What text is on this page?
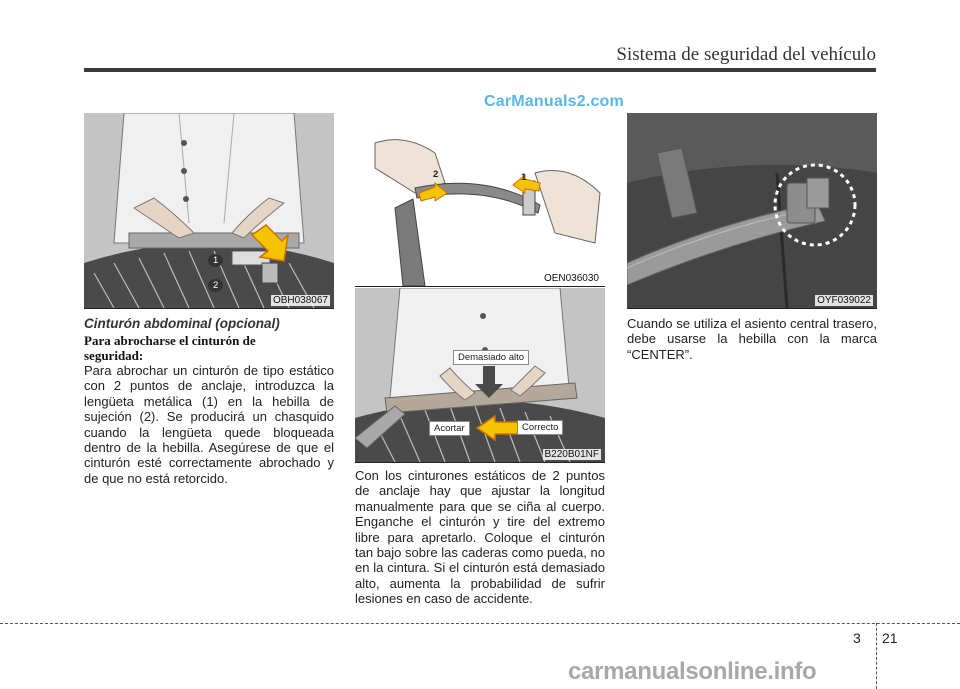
Sistema de seguridad del vehículo
CarManuals2.com
1
2
OBH038067
2	1
OEN036030
Demasiado alto
Acortar	Correcto
B220B01NF
OYF039022
Cinturón abdominal (opcional)
Para abrocharse el cinturón de seguridad:
Para abrochar un cinturón de tipo estático con 2 puntos de anclaje, introduzca la lengüeta metálica (1) en la hebilla de sujeción (2). Se producirá un chasquido cuando la lengüeta quede bloqueada dentro de la hebilla. Asegúrese de que el cinturón esté correctamente abrochado y de que no está retorcido.	Con los cinturones estáticos de 2 puntos de anclaje hay que ajustar la longitud manualmente para que se ciña al cuerpo. Enganche el cinturón y tire del extremo libre para apretarlo. Coloque el cinturón tan bajo sobre las caderas como pueda, no en la cintura. Si el cinturón está demasiado alto, aumenta la probabilidad de sufrir lesiones en caso de accidente.
Cuando se utiliza el asiento central trasero, debe usarse la hebilla con la marca “CENTER”.
3 21
carmanualsonline.info
